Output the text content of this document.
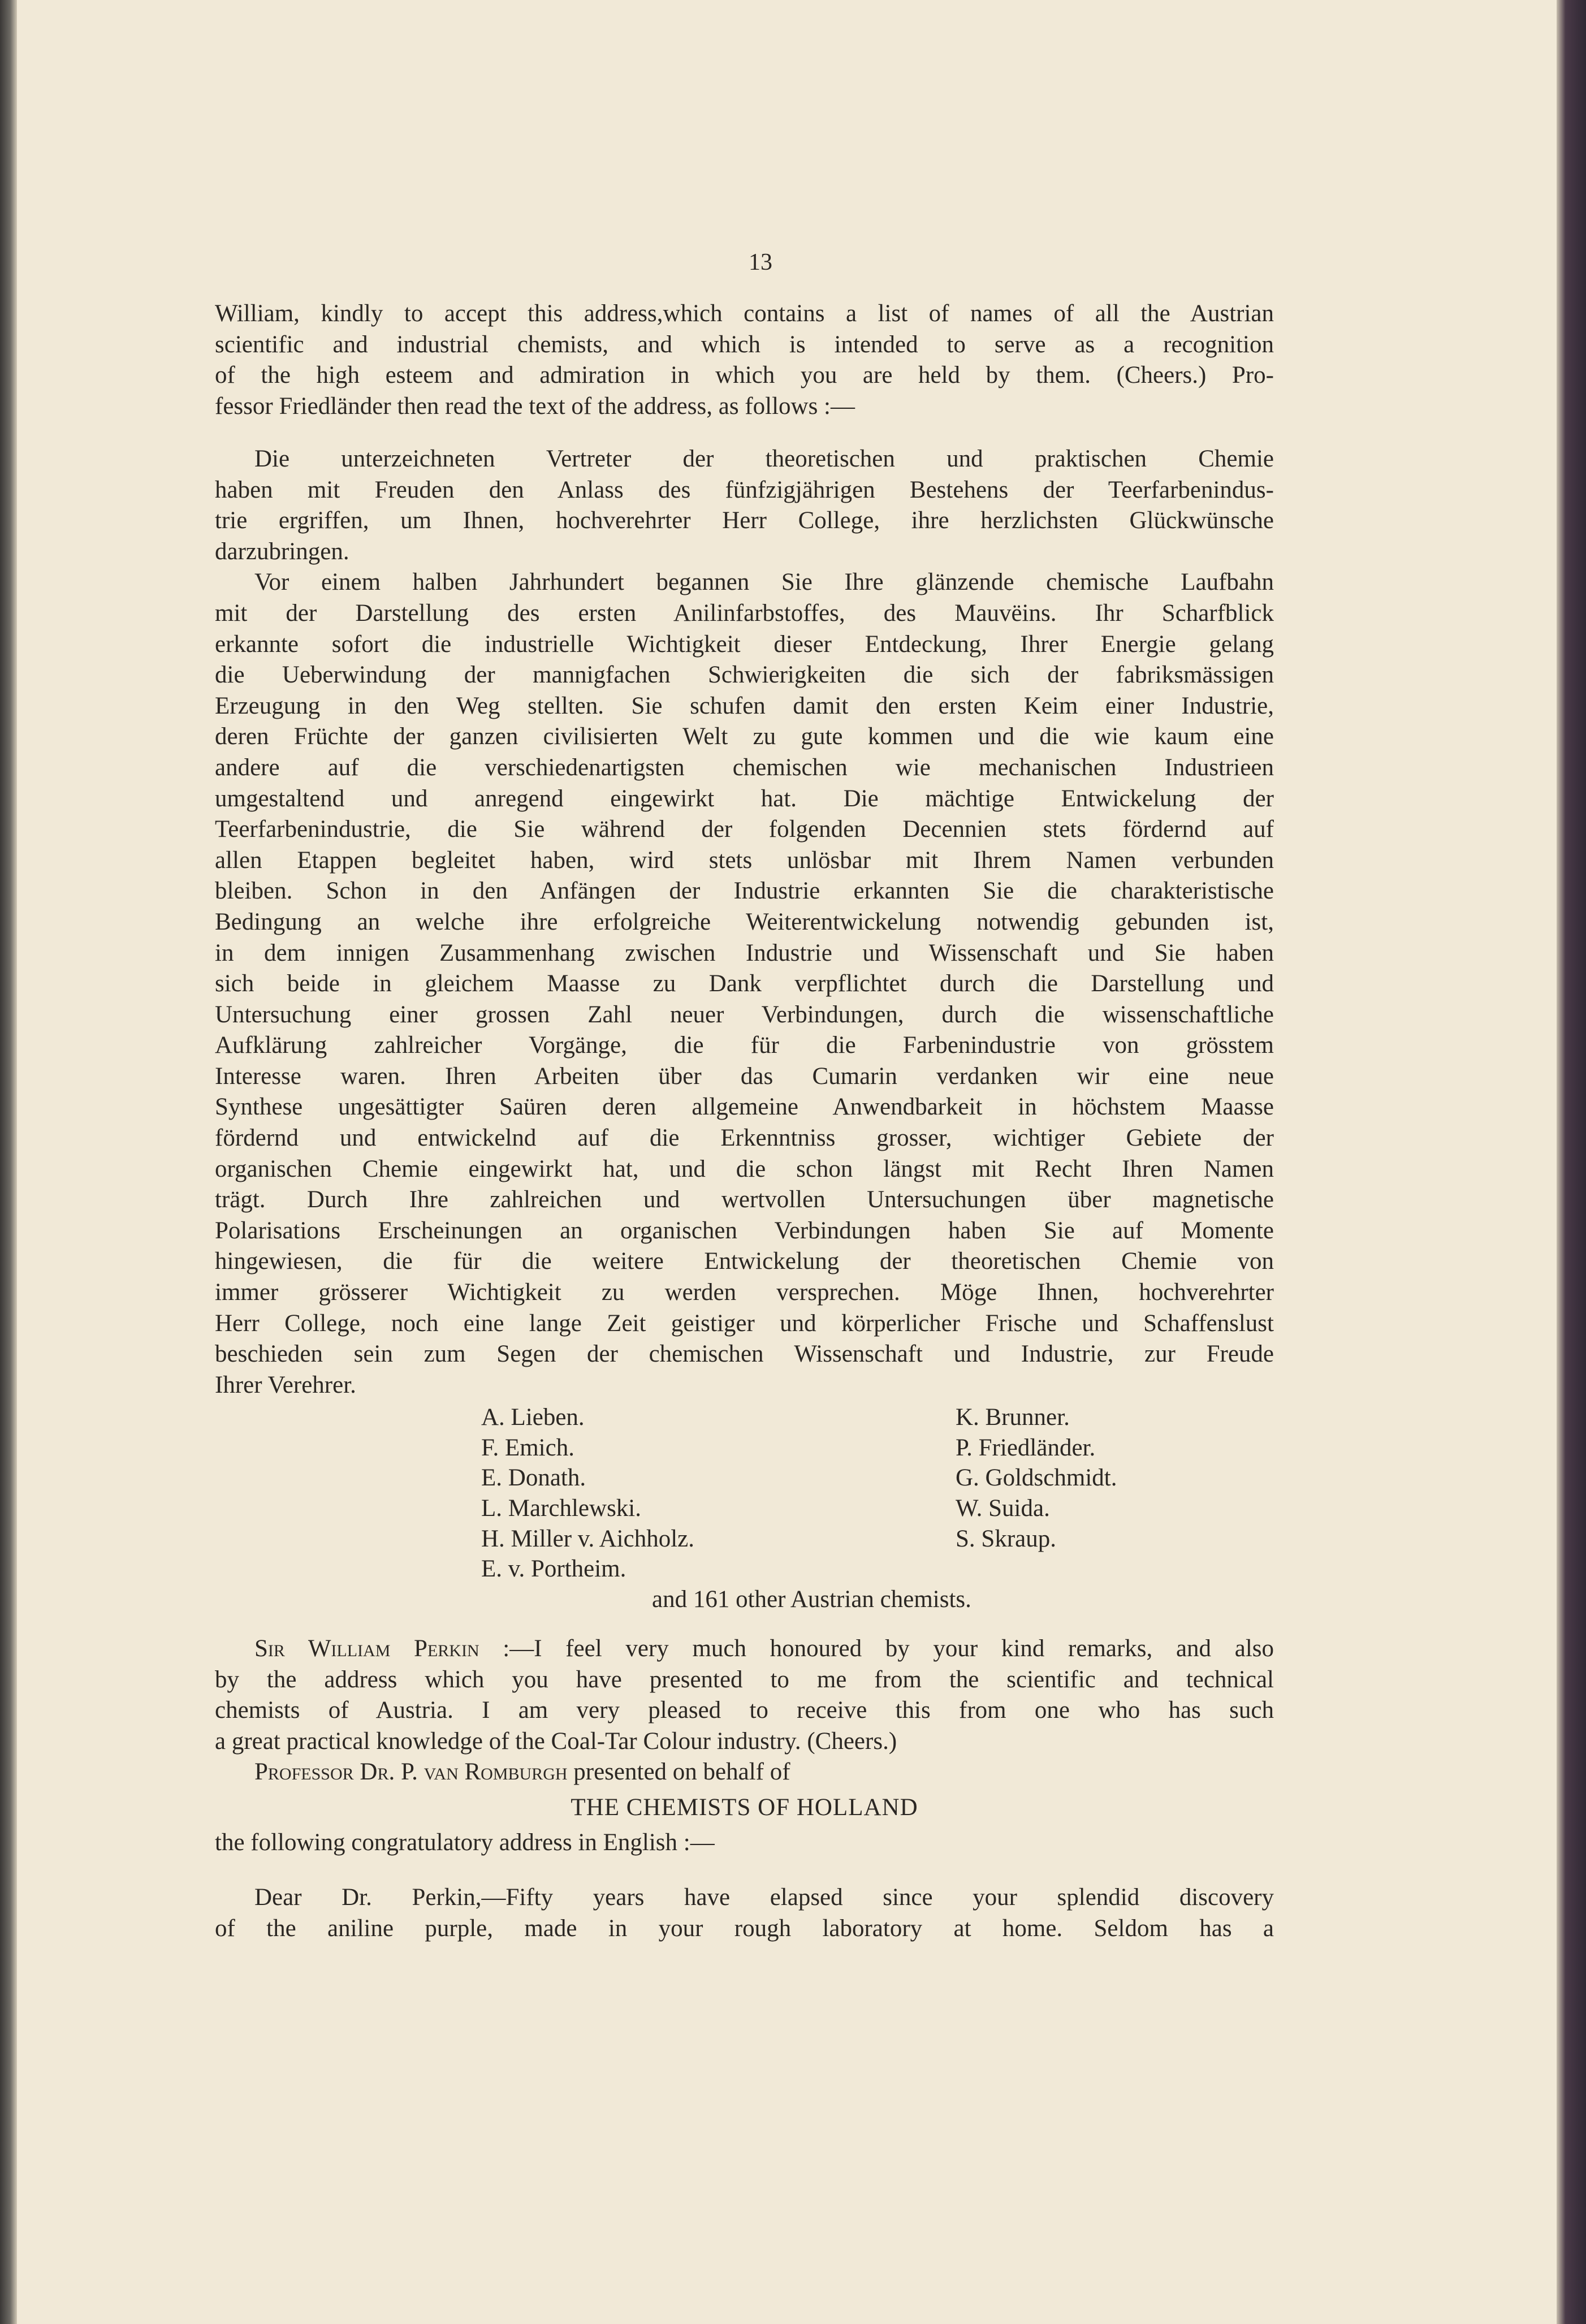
13
William, kindly to accept this address,which contains a list of names of all the Austrian
scientific and industrial chemists, and which is intended to serve as a recognition
of the high esteem and admiration in which you are held by them. (Cheers.) Pro-
fessor Friedländer then read the text of the address, as follows :—
Die unterzeichneten Vertreter der theoretischen und praktischen Chemie
haben mit Freuden den Anlass des fünfzigjährigen Bestehens der Teerfarbenindus-
trie ergriffen, um Ihnen, hochverehrter Herr College, ihre herzlichsten Glückwünsche
darzubringen.
Vor einem halben Jahrhundert begannen Sie Ihre glänzende chemische Laufbahn
mit der Darstellung des ersten Anilinfarbstoffes, des Mauvëins. Ihr Scharfblick
erkannte sofort die industrielle Wichtigkeit dieser Entdeckung, Ihrer Energie gelang
die Ueberwindung der mannigfachen Schwierigkeiten die sich der fabriksmässigen
Erzeugung in den Weg stellten. Sie schufen damit den ersten Keim einer Industrie,
deren Früchte der ganzen civilisierten Welt zu gute kommen und die wie kaum eine
andere auf die verschiedenartigsten chemischen wie mechanischen Industrieen
umgestaltend und anregend eingewirkt hat. Die mächtige Entwickelung der
Teerfarbenindustrie, die Sie während der folgenden Decennien stets fördernd auf
allen Etappen begleitet haben, wird stets unlösbar mit Ihrem Namen verbunden
bleiben. Schon in den Anfängen der Industrie erkannten Sie die charakteristische
Bedingung an welche ihre erfolgreiche Weiterentwickelung notwendig gebunden ist,
in dem innigen Zusammenhang zwischen Industrie und Wissenschaft und Sie haben
sich beide in gleichem Maasse zu Dank verpflichtet durch die Darstellung und
Untersuchung einer grossen Zahl neuer Verbindungen, durch die wissenschaftliche
Aufklärung zahlreicher Vorgänge, die für die Farbenindustrie von grösstem
Interesse waren. Ihren Arbeiten über das Cumarin verdanken wir eine neue
Synthese ungesättigter Saüren deren allgemeine Anwendbarkeit in höchstem Maasse
fördernd und entwickelnd auf die Erkenntniss grosser, wichtiger Gebiete der
organischen Chemie eingewirkt hat, und die schon längst mit Recht Ihren Namen
trägt. Durch Ihre zahlreichen und wertvollen Untersuchungen über magnetische
Polarisations Erscheinungen an organischen Verbindungen haben Sie auf Momente
hingewiesen, die für die weitere Entwickelung der theoretischen Chemie von
immer grösserer Wichtigkeit zu werden versprechen. Möge Ihnen, hochverehrter
Herr College, noch eine lange Zeit geistiger und körperlicher Frische und Schaffenslust
beschieden sein zum Segen der chemischen Wissenschaft und Industrie, zur Freude
Ihrer Verehrer.
A. Lieben.	K. Brunner.
F. Emich.	P. Friedländer.
E. Donath.	G. Goldschmidt.
L. Marchlewski.	W. Suida.
H. Miller v. Aichholz.	S. Skraup.
E. v. Portheim.
and 161 other Austrian chemists.
Sir William Perkin :—I feel very much honoured by your kind remarks, and also
by the address which you have presented to me from the scientific and technical
chemists of Austria. I am very pleased to receive this from one who has such
a great practical knowledge of the Coal-Tar Colour industry. (Cheers.)
Professor Dr. P. van Romburgh presented on behalf of
THE CHEMISTS OF HOLLAND
the following congratulatory address in English :—
Dear Dr. Perkin,—Fifty years have elapsed since your splendid discovery
of the aniline purple, made in your rough laboratory at home. Seldom has a
